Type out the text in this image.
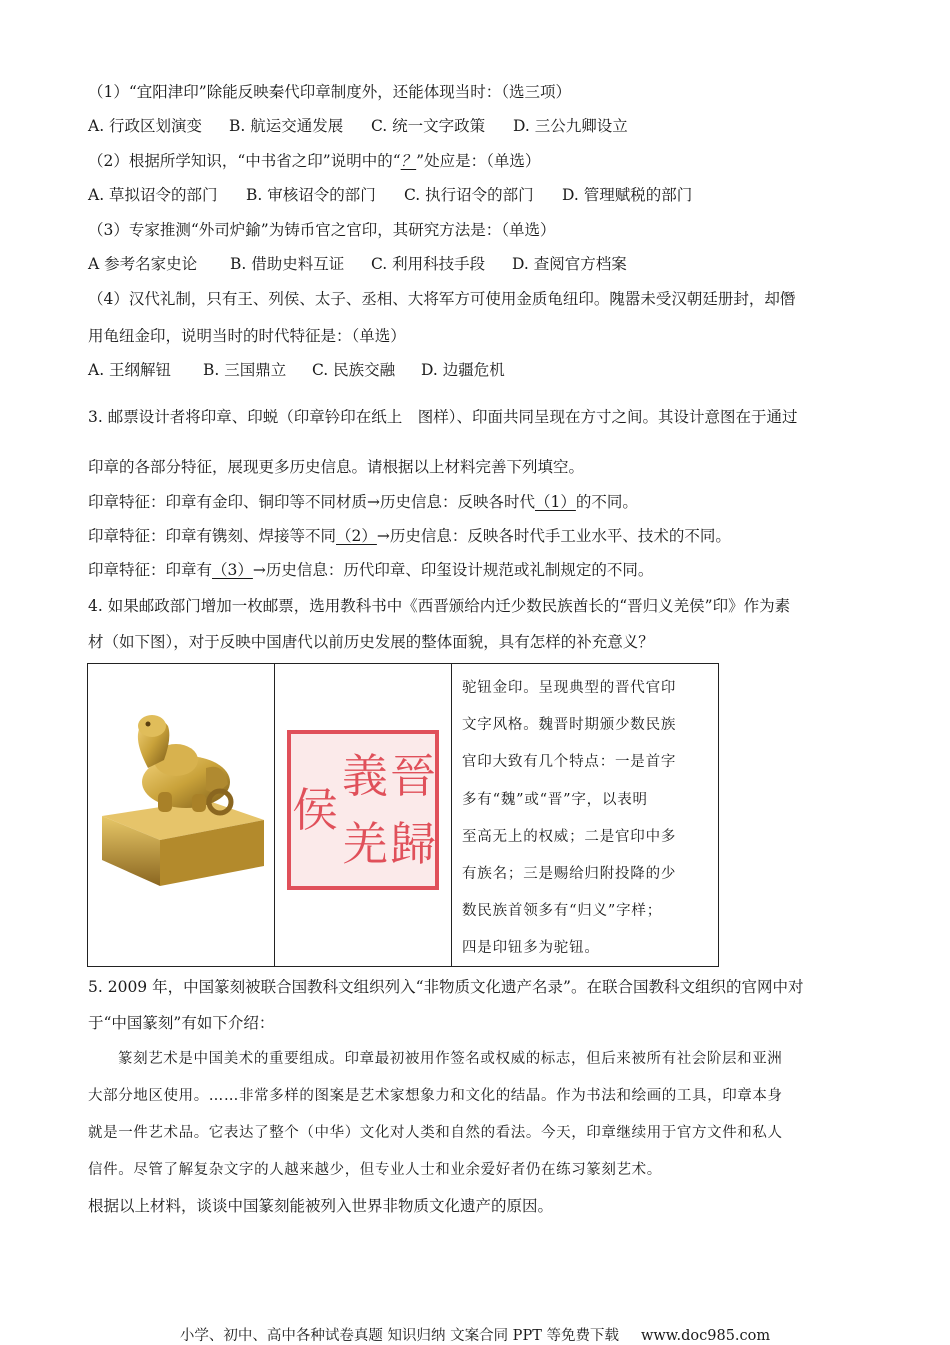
（1）“宜阳津印”除能反映秦代印章制度外，还能体现当时：（选三项）
A. 行政区划演变 B. 航运交通发展 C. 统一文字政策 D. 三公九卿设立
（2）根据所学知识，“中书省之印”说明中的“？”处应是：（单选）
A. 草拟诏令的部门 B. 审核诏令的部门 C. 执行诏令的部门 D. 管理赋税的部门
（3）专家推测“外司炉鍮”为铸币官之官印，其研究方法是：（单选）
A 参考名家史论 B. 借助史料互证 C. 利用科技手段 D. 查阅官方档案
（4）汉代礼制，只有王、列侯、太子、丞相、大将军方可使用金质龟纽印。隗嚣未受汉朝廷册封，却僭
用龟纽金印，说明当时的时代特征是：（单选）
A. 王纲解钮 B. 三国鼎立 C. 民族交融 D. 边疆危机
3. 邮票设计者将印章、印蜕（印章钤印在纸上　图样）、印面共同呈现在方寸之间。其设计意图在于通过
印章的各部分特征，展现更多历史信息。请根据以上材料完善下列填空。
印章特征：印章有金印、铜印等不同材质→历史信息：反映各时代（1）的不同。
印章特征：印章有镌刻、焊接等不同（2）→历史信息：反映各时代手工业水平、技术的不同。
印章特征：印章有（3）→历史信息：历代印章、印玺设计规范或礼制规定的不同。
4. 如果邮政部门增加一枚邮票，选用教科书中《西晋颁给内迁少数民族酋长的“晋归义羌侯”印》作为素
材（如下图），对于反映中国唐代以前历史发展的整体面貌，具有怎样的补充意义？

晉
歸
義
羌
侯

驼钮金印。呈现典型的晋代官印
文字风格。魏晋时期颁少数民族
官印大致有几个特点：一是首字
多有“魏”或“晋”字，以表明
至高无上的权威；二是官印中多
有族名；三是赐给归附投降的少
数民族首领多有“归义”字样；
四是印钮多为驼钮。
5. 2009 年，中国篆刻被联合国教科文组织列入“非物质文化遗产名录”。在联合国教科文组织的官网中对
于“中国篆刻”有如下介绍：
篆刻艺术是中国美术的重要组成。印章最初被用作签名或权威的标志，但后来被所有社会阶层和亚洲
大部分地区使用。……非常多样的图案是艺术家想象力和文化的结晶。作为书法和绘画的工具，印章本身
就是一件艺术品。它表达了整个（中华）文化对人类和自然的看法。今天，印章继续用于官方文件和私人
信件。尽管了解复杂文字的人越来越少，但专业人士和业余爱好者仍在练习篆刻艺术。
根据以上材料，谈谈中国篆刻能被列入世界非物质文化遗产的原因。
小学、初中、高中各种试卷真题 知识归纳 文案合同 PPT 等免费下载 www.doc985.com
